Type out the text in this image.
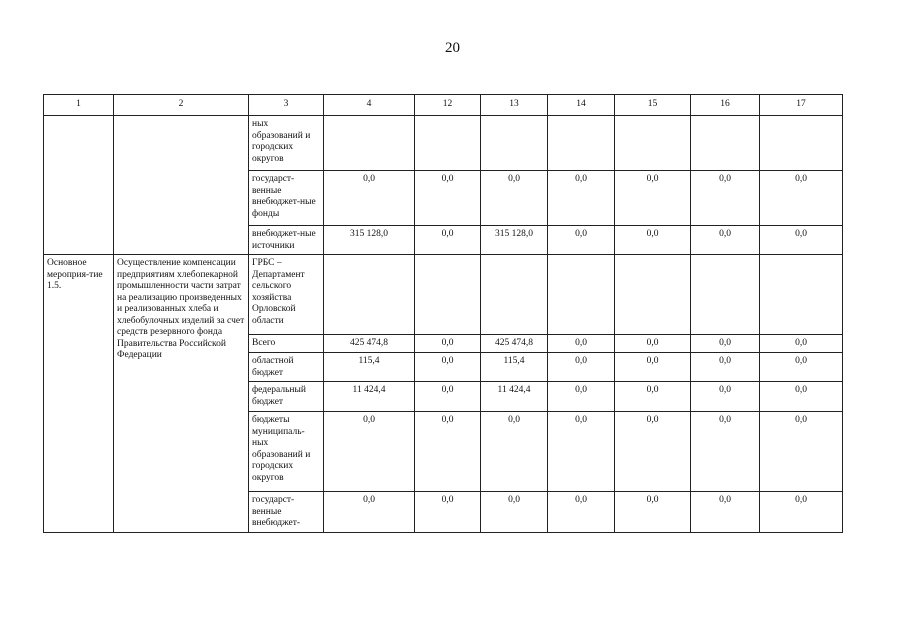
20
1	2	3	4	12	13	14	15	16	17
		ных образований и городских округов							
		государст-венные внебюджет-ные фонды	0,0	0,0	0,0	0,0	0,0	0,0	0,0
		внебюджет-ные источники	315 128,0	0,0	315 128,0	0,0	0,0	0,0	0,0
Основное мероприя-тие 1.5.	Осуществление компенсации предприятиям хлебопекарной промышленности части затрат на реализацию произведенных и реализованных хлеба и хлебобулочных изделий за счет средств резервного фонда Правительства Российской Федерации	ГРБС – Департамент сельского хозяйства Орловской области							
		Всего	425 474,8	0,0	425 474,8	0,0	0,0	0,0	0,0
		областной бюджет	115,4	0,0	115,4	0,0	0,0	0,0	0,0
		федеральный бюджет	11 424,4	0,0	11 424,4	0,0	0,0	0,0	0,0
		бюджеты муниципаль-ных образований и городских округов	0,0	0,0	0,0	0,0	0,0	0,0	0,0
		государст-венные внебюджет-	0,0	0,0	0,0	0,0	0,0	0,0	0,0
